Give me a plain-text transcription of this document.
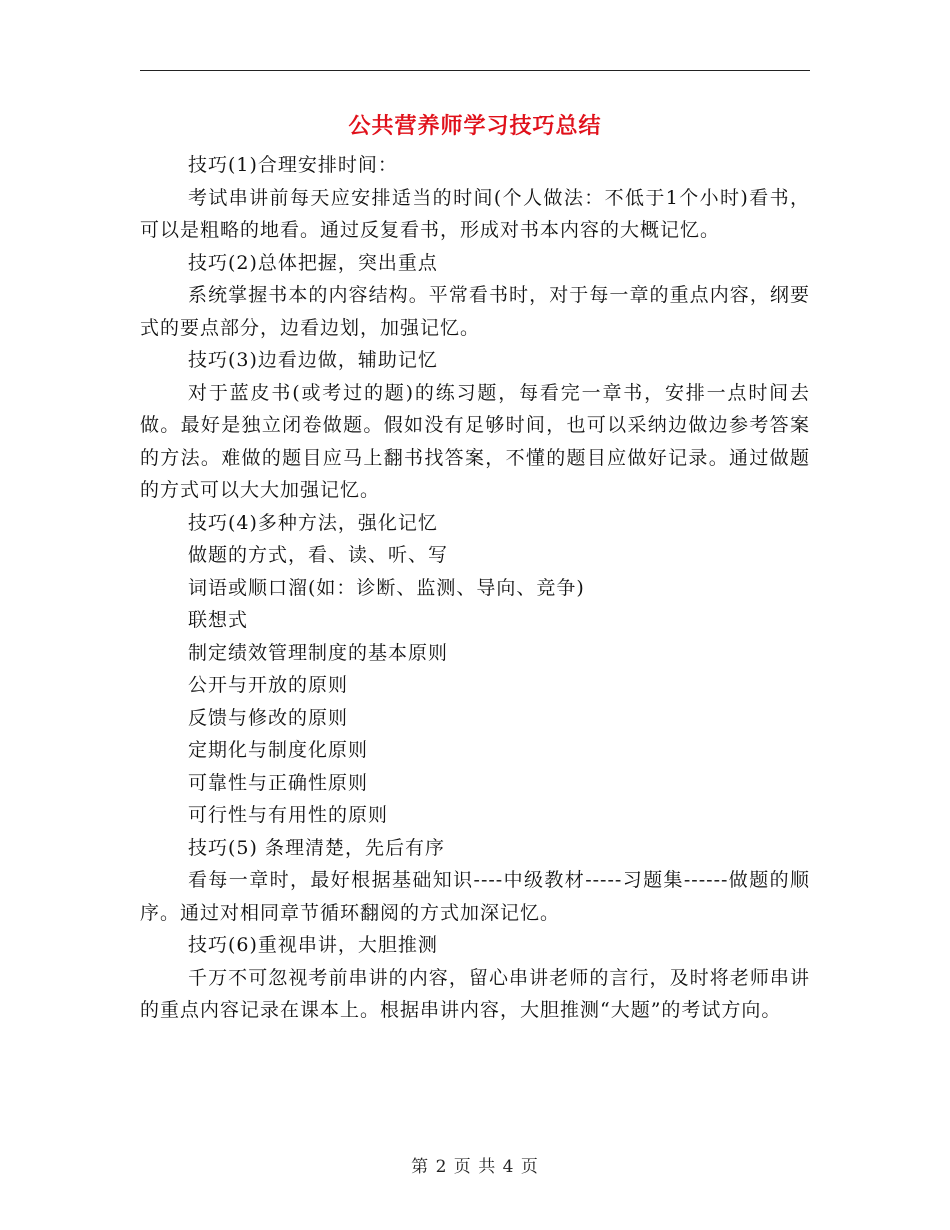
公共营养师学习技巧总结

技巧(1)合理安排时间：

考试串讲前每天应安排适当的时间(个人做法：不低于1个小时)看书，可以是粗略的地看。通过反复看书，形成对书本内容的大概记忆。

技巧(2)总体把握，突出重点

系统掌握书本的内容结构。平常看书时，对于每一章的重点内容，纲要式的要点部分，边看边划，加强记忆。

技巧(3)边看边做，辅助记忆

对于蓝皮书(或考过的题)的练习题，每看完一章书，安排一点时间去做。最好是独立闭卷做题。假如没有足够时间，也可以采纳边做边参考答案的方法。难做的题目应马上翻书找答案，不懂的题目应做好记录。通过做题的方式可以大大加强记忆。

技巧(4)多种方法，强化记忆

做题的方式，看、读、听、写

词语或顺口溜(如：诊断、监测、导向、竞争)

联想式

制定绩效管理制度的基本原则

公开与开放的原则

反馈与修改的原则

定期化与制度化原则

可靠性与正确性原则

可行性与有用性的原则

技巧(5) 条理清楚，先后有序

看每一章时，最好根据基础知识----中级教材-----习题集------做题的顺序。通过对相同章节循环翻阅的方式加深记忆。

技巧(6)重视串讲，大胆推测

千万不可忽视考前串讲的内容，留心串讲老师的言行，及时将老师串讲的重点内容记录在课本上。根据串讲内容，大胆推测“大题”的考试方向。

第 2 页 共 4 页
